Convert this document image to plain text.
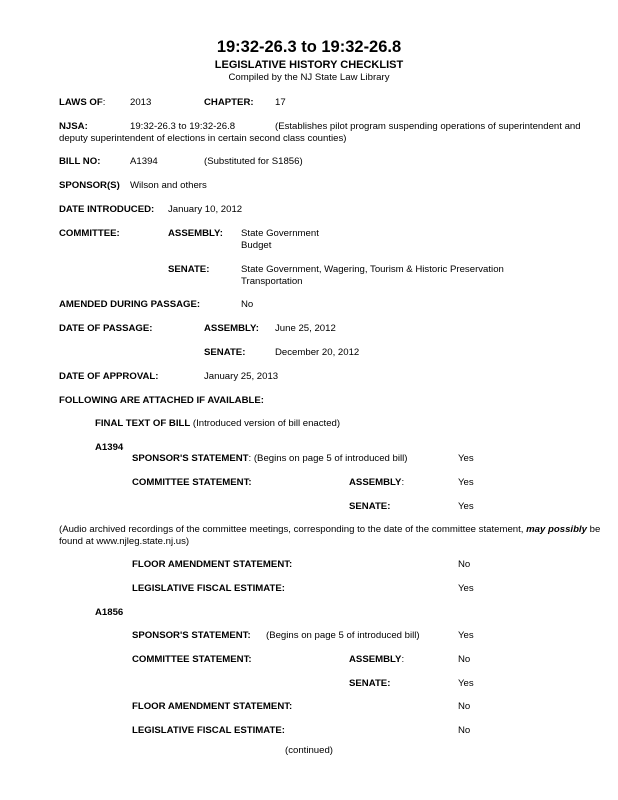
19:32-26.3 to 19:32-26.8
LEGISLATIVE HISTORY CHECKLIST
Compiled by the NJ State Law Library
LAWS OF:	2013	CHAPTER: 17
NJSA:	19:32-26.3 to 19:32-26.8	(Establishes pilot program suspending operations of superintendent and
deputy superintendent of elections in certain second class counties)
BILL NO:	A1394	(Substituted for S1856)
SPONSOR(S) Wilson and others
DATE INTRODUCED: January 10, 2012
COMMITTEE:	ASSEMBLY: State Government
Budget
SENATE:	State Government, Wagering, Tourism & Historic Preservation
Transportation
AMENDED DURING PASSAGE:	No
DATE OF PASSAGE:	ASSEMBLY: June 25, 2012
SENATE:	December 20, 2012
DATE OF APPROVAL:	January 25, 2013
FOLLOWING ARE ATTACHED IF AVAILABLE:
FINAL TEXT OF BILL (Introduced version of bill enacted)
A1394
SPONSOR'S STATEMENT: (Begins on page 5 of introduced bill)	Yes
COMMITTEE STATEMENT:	ASSEMBLY:	Yes
SENATE:	Yes
(Audio archived recordings of the committee meetings, corresponding to the date of the committee statement, may possibly be found at www.njleg.state.nj.us)
FLOOR AMENDMENT STATEMENT:	No
LEGISLATIVE FISCAL ESTIMATE:	Yes
A1856
SPONSOR'S STATEMENT: (Begins on page 5 of introduced bill)	Yes
COMMITTEE STATEMENT:	ASSEMBLY:	No
SENATE:	Yes
FLOOR AMENDMENT STATEMENT:	No
LEGISLATIVE FISCAL ESTIMATE:	No
(continued)
